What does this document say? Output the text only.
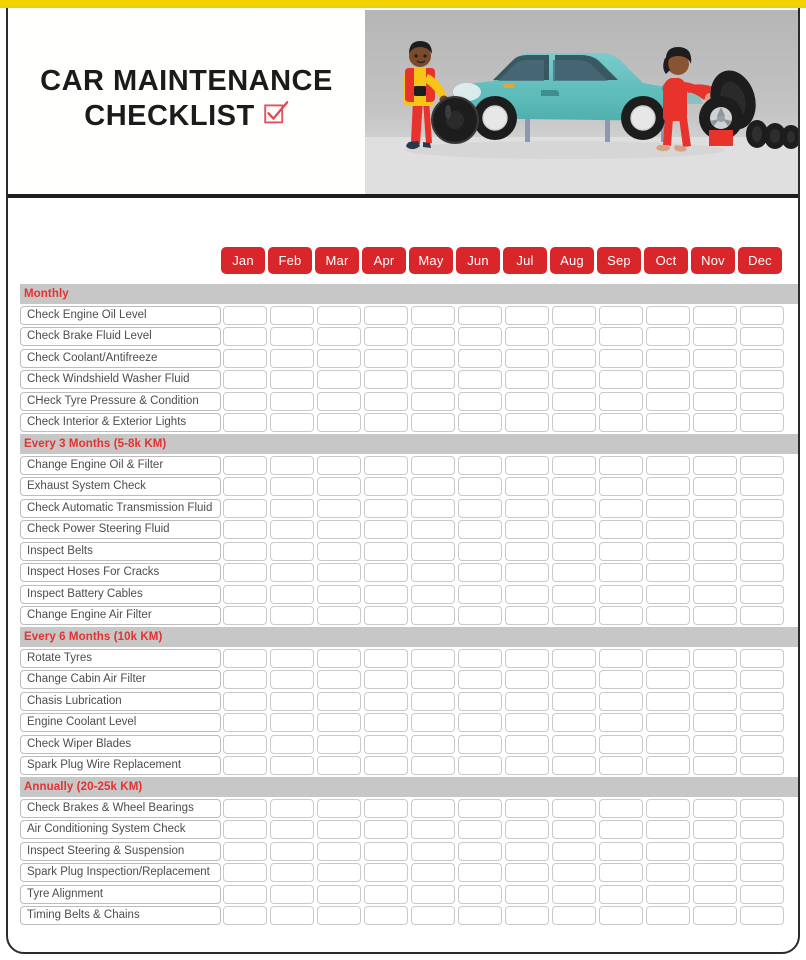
CAR MAINTENANCE
CHECKLIST
Jan	Feb	Mar	Apr	May	Jun	Jul	Aug	Sep	Oct	Nov	Dec
Monthly
Check Engine Oil Level
Check Brake Fluid Level
Check Coolant/Antifreeze
Check Windshield Washer Fluid
CHeck Tyre Pressure & Condition
Check Interior & Exterior Lights
Every 3 Months (5-8k KM)
Change Engine Oil & Filter
Exhaust System Check
Check Automatic Transmission Fluid
Check Power Steering Fluid
Inspect Belts
Inspect Hoses For Cracks
Inspect Battery Cables
Change Engine Air Filter
Every 6 Months (10k KM)
Rotate Tyres
Change Cabin Air Filter
Chasis Lubrication
Engine Coolant Level
Check Wiper Blades
Spark Plug Wire Replacement
Annually (20-25k KM)
Check Brakes & Wheel Bearings
Air Conditioning System Check
Inspect Steering & Suspension
Spark Plug Inspection/Replacement
Tyre Alignment
Timing Belts & Chains
